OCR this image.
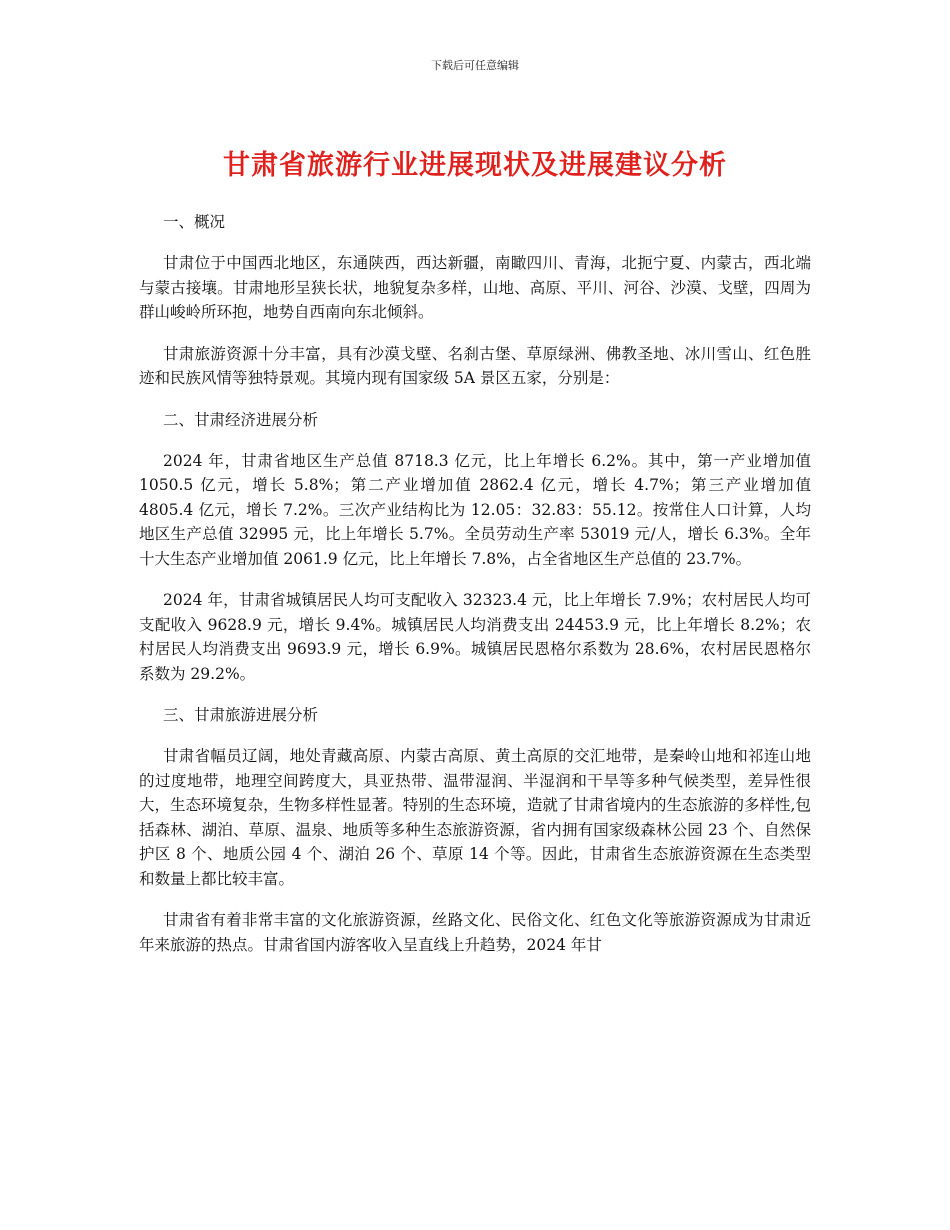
下载后可任意编辑
甘肃省旅游行业进展现状及进展建议分析
一、概况

甘肃位于中国西北地区，东通陕西，西达新疆，南瞰四川、青海，北扼宁夏、内蒙古，西北端与蒙古接壤。甘肃地形呈狭长状，地貌复杂多样，山地、高原、平川、河谷、沙漠、戈壁，四周为群山峻岭所环抱，地势自西南向东北倾斜。

甘肃旅游资源十分丰富，具有沙漠戈壁、名刹古堡、草原绿洲、佛教圣地、冰川雪山、红色胜迹和民族风情等独特景观。其境内现有国家级 5A 景区五家，分别是：

二、甘肃经济进展分析

2024 年，甘肃省地区生产总值 8718.3 亿元，比上年增长 6.2%。其中，第一产业增加值 1050.5 亿元，增长 5.8%；第二产业增加值 2862.4 亿元，增长 4.7%；第三产业增加值 4805.4 亿元，增长 7.2%。三次产业结构比为 12.05：32.83：55.12。按常住人口计算，人均地区生产总值 32995 元，比上年增长 5.7%。全员劳动生产率 53019 元/人，增长 6.3%。全年十大生态产业增加值 2061.9 亿元，比上年增长 7.8%，占全省地区生产总值的 23.7%。

2024 年，甘肃省城镇居民人均可支配收入 32323.4 元，比上年增长 7.9%；农村居民人均可支配收入 9628.9 元，增长 9.4%。城镇居民人均消费支出 24453.9 元，比上年增长 8.2%；农村居民人均消费支出 9693.9 元，增长 6.9%。城镇居民恩格尔系数为 28.6%，农村居民恩格尔系数为 29.2%。

三、甘肃旅游进展分析

甘肃省幅员辽阔，地处青藏高原、内蒙古高原、黄土高原的交汇地带，是秦岭山地和祁连山地的过度地带，地理空间跨度大，具亚热带、温带湿润、半湿润和干旱等多种气候类型，差异性很大，生态环境复杂，生物多样性显著。特别的生态环境，造就了甘肃省境内的生态旅游的多样性,包括森林、湖泊、草原、温泉、地质等多种生态旅游资源，省内拥有国家级森林公园 23 个、自然保护区 8 个、地质公园 4 个、湖泊 26 个、草原 14 个等。因此，甘肃省生态旅游资源在生态类型和数量上都比较丰富。

甘肃省有着非常丰富的文化旅游资源，丝路文化、民俗文化、红色文化等旅游资源成为甘肃近年来旅游的热点。甘肃省国内游客收入呈直线上升趋势，2024 年甘
